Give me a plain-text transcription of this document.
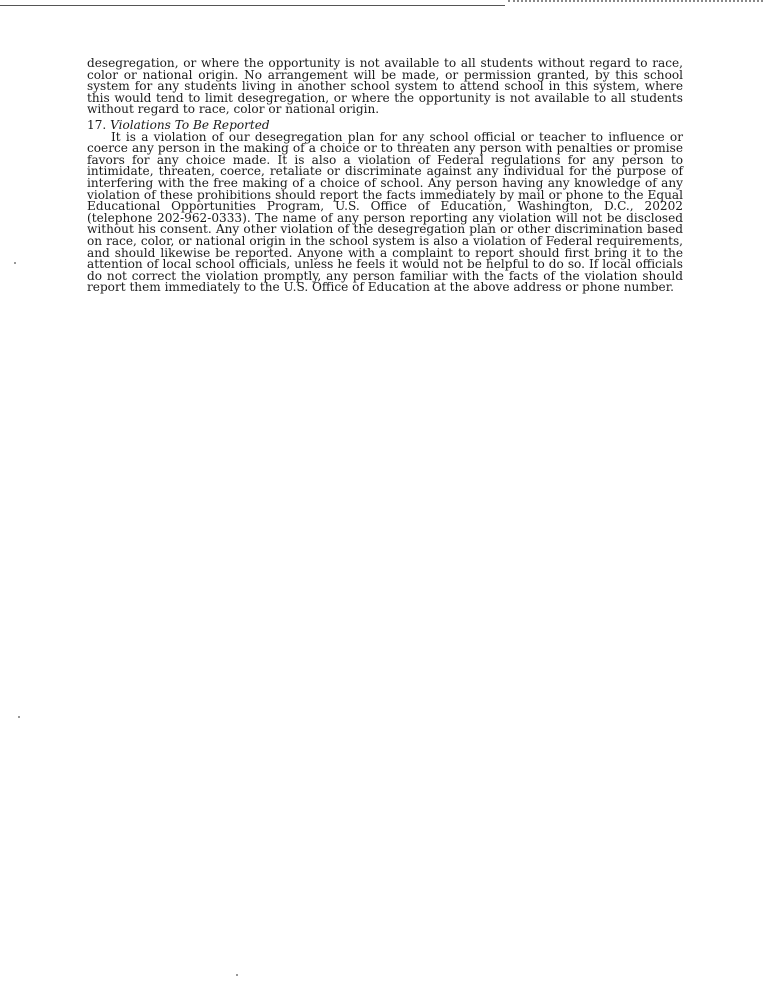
desegregation, or where the opportunity is not available to all students without regard to race, color or national origin. No arrangement will be made, or permission granted, by this school system for any students living in another school system to attend school in this system, where this would tend to limit desegregation, or where the opportunity is not available to all students without regard to race, color or national origin.

17. Violations To Be Reported

It is a violation of our desegregation plan for any school official or teacher to influence or coerce any person in the making of a choice or to threaten any person with penalties or promise favors for any choice made. It is also a violation of Federal regulations for any person to intimidate, threaten, coerce, retaliate or discriminate against any individual for the purpose of interfering with the free making of a choice of school. Any person having any knowledge of any violation of these prohibitions should report the facts immediately by mail or phone to the Equal Educational Opportunities Program, U.S. Office of Education, Washington, D.C., 20202 (telephone 202-962-0333). The name of any person reporting any violation will not be disclosed without his consent. Any other violation of the desegregation plan or other discrimination based on race, color, or national origin in the school system is also a violation of Federal requirements, and should likewise be reported. Anyone with a complaint to report should first bring it to the attention of local school officials, unless he feels it would not be helpful to do so. If local officials do not correct the violation promptly, any person familiar with the facts of the violation should report them immediately to the U.S. Office of Education at the above address or phone number.
